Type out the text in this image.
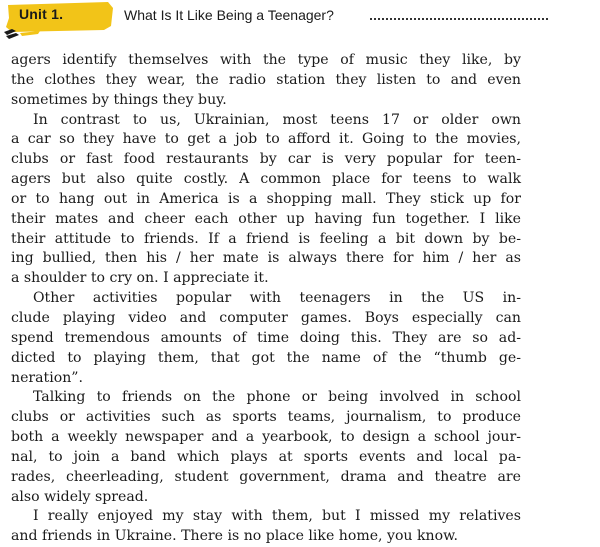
Unit 1.	What Is It Like Being a Teenager?

agers identify themselves with the type of music they like, by

the clothes they wear, the radio station they listen to and even

sometimes by things they buy.

In contrast to us, Ukrainian, most teens 17 or older own

a car so they have to get a job to afford it. Going to the movies,

clubs or fast food restaurants by car is very popular for teen-

agers but also quite costly. A common place for teens to walk

or to hang out in America is a shopping mall. They stick up for

their mates and cheer each other up having fun together. I like

their attitude to friends. If a friend is feeling a bit down by be-

ing bullied, then his / her mate is always there for him / her as

a shoulder to cry on. I appreciate it.

Other activities popular with teenagers in the US in-

clude playing video and computer games. Boys especially can

spend tremendous amounts of time doing this. They are so ad-

dicted to playing them, that got the name of the “thumb ge-

neration”.

Talking to friends on the phone or being involved in school

clubs or activities such as sports teams, journalism, to produce

both a weekly newspaper and a yearbook, to design a school jour-

nal, to join a band which plays at sports events and local pa-

rades, cheerleading, student government, drama and theatre are

also widely spread.

I really enjoyed my stay with them, but I missed my relatives

and friends in Ukraine. There is no place like home, you know.
